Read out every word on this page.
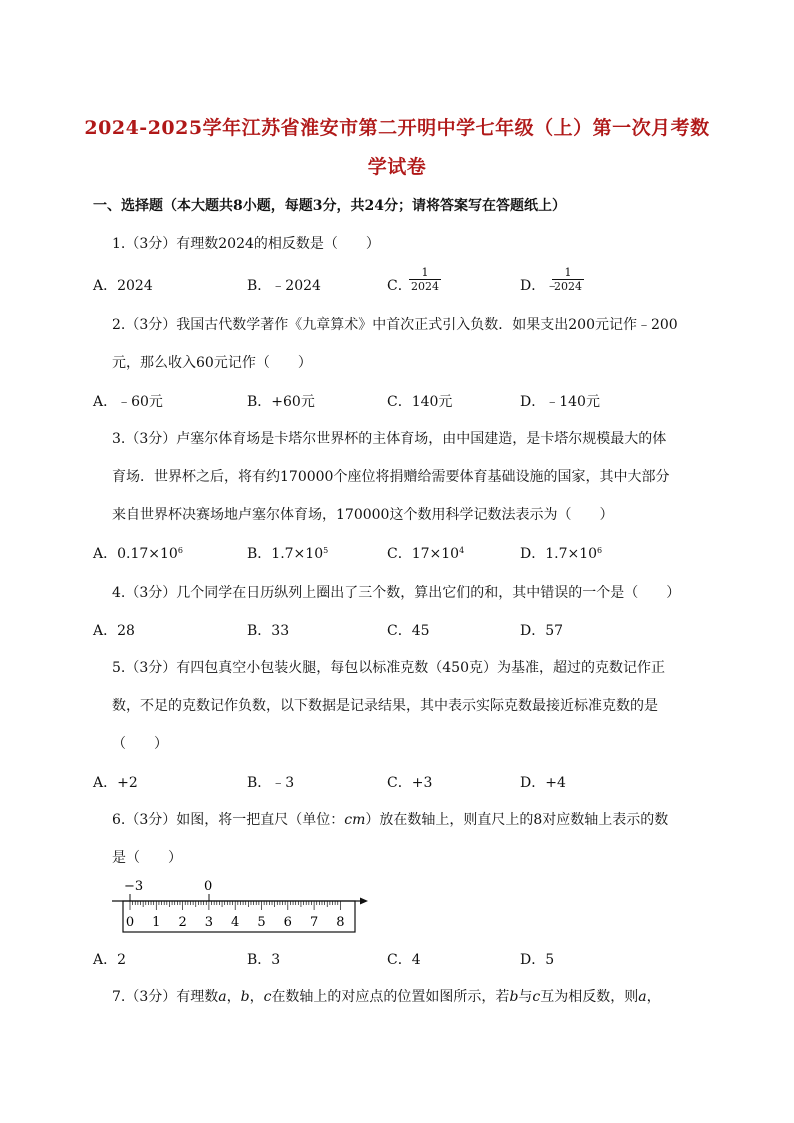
2024-2025学年江苏省淮安市第二开明中学七年级（上）第一次月考数
学试卷
一、选择题（本大题共8小题，每题3分，共24分；请将答案写在答题纸上）
1.（3分）有理数2024的相反数是（　　）
A．2024	B．﹣2024	C．
$\frac{1}{2024}$	D．﹣
$\frac{1}{2024}$
2.（3分）我国古代数学著作《九章算术》中首次正式引入负数．如果支出200元记作﹣200
元，那么收入60元记作（　　）
A．﹣60元	B．+60元	C．140元	D．﹣140元
3.（3分）卢塞尔体育场是卡塔尔世界杯的主体育场，由中国建造，是卡塔尔规模最大的体
育场．世界杯之后，将有约170000个座位将捐赠给需要体育基础设施的国家，其中大部分
来自世界杯决赛场地卢塞尔体育场，170000这个数用科学记数法表示为（　　）
A．$0.17\times 10^6$	B．$1.7\times 10^5$	C．$17\times 10^4$	D．$1.7\times 10^6$
4.（3分）几个同学在日历纵列上圈出了三个数，算出它们的和，其中错误的一个是（　　）
A．28	B．33	C．45	D．57
5.（3分）有四包真空小包装火腿，每包以标准克数（450克）为基准，超过的克数记作正
数，不足的克数记作负数，以下数据是记录结果，其中表示实际克数最接近标准克数的是
（　　）
A．+2	B．﹣3	C．+3	D．+4
6.（3分）如图，将一把直尺（单位：cm）放在数轴上，则直尺上的8对应数轴上表示的数
是（　　）
−3	0
0 1 2 3 4 5 6 7 8
A．2	B．3	C．4	D．5
7.（3分）有理数a，b，c在数轴上的对应点的位置如图所示，若b与c互为相反数，则a，
